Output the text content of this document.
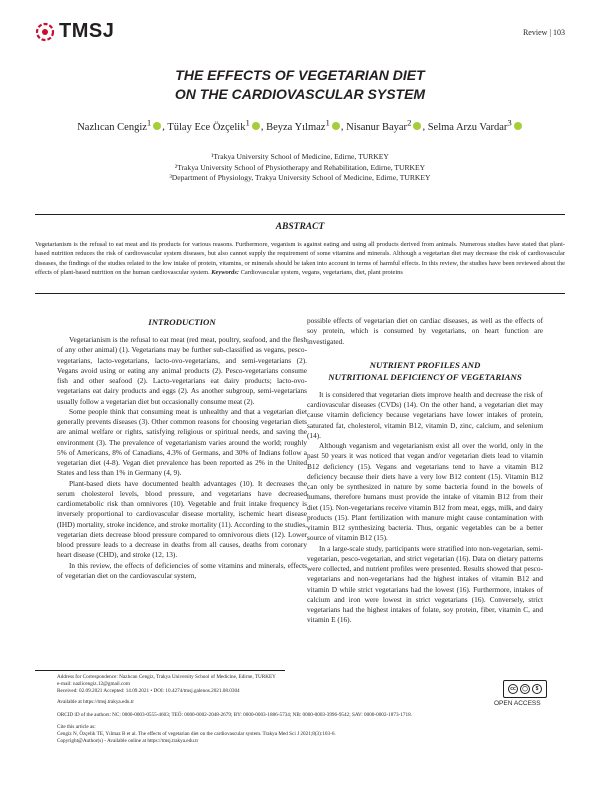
TMSJ	Review | 103
THE EFFECTS OF VEGETARIAN DIET
ON THE CARDIOVASCULAR SYSTEM
Nazlıcan Cengiz$^1$ , Tülay Ece Özçelik$^1$ , Beyza Yılmaz$^1$ , Nisanur Bayar$^2$ , Selma Arzu Vardar$^3$
¹Trakya University School of Medicine, Edirne, TURKEY
²Trakya University School of Physiotherapy and Rehabilitation, Edirne, TURKEY
³Department of Physiology, Trakya University School of Medicine, Edirne, TURKEY
ABSTRACT
Vegetarianism is the refusal to eat meat and its products for various reasons. Furthermore, veganism is against eating and using all products derived from animals. Numerous studies have stated that plant-based nutrition reduces the risk of cardiovascular system diseases, but also cannot supply the requirement of some vitamins and minerals. Although a vegetarian diet may decrease the risk of cardiovascular diseases, the findings of the studies related to the low intake of protein, vitamins, or minerals should be taken into account in terms of harmful effects. In this review, the studies have been reviewed about the effects of plant-based nutrition on the human cardiovascular system. Keywords: Cardiovascular system, vegans, vegetarians, diet, plant proteins
INTRODUCTION

Vegetarianism is the refusal to eat meat (red meat, poultry, seafood, and the flesh of any other animal) (1). Vegetarians may be further sub-classified as vegans, pesco-vegetarians, lacto-vegetarians, lacto-ovo-vegetarians, and semi-vegetarians (2). Vegans avoid using or eating any animal products (2). Pesco-vegetarians consume fish and other seafood (2). Lacto-vegetarians eat dairy products; lacto-ovo-vegetarians eat dairy products and eggs (2). As another subgroup, semi-vegetarians usually follow a vegetarian diet but occasionally consume meat (2).

Some people think that consuming meat is unhealthy and that a vegetarian diet generally prevents diseases (3). Other common reasons for choosing vegetarian diets are animal welfare or rights, satisfying religious or spiritual needs, and saving the environment (3). The prevalence of vegetarianism varies around the world; roughly 5% of Americans, 8% of Canadians, 4.3% of Germans, and 30% of Indians follow a vegetarian diet (4-8). Vegan diet prevalence has been reported as 2% in the United States and less than 1% in Germany (4, 9).

Plant-based diets have documented health advantages (10). It decreases the serum cholesterol levels, blood pressure, and vegetarians have decreased cardiometabolic risk than omnivores (10). Vegetable and fruit intake frequency is inversely proportional to cardiovascular disease mortality, ischemic heart disease (IHD) mortality, stroke incidence, and stroke mortality (11). According to the studies, vegetarian diets decrease blood pressure compared to omnivorous diets (12). Lower blood pressure leads to a decrease in deaths from all causes, deaths from coronary heart disease (CHD), and stroke (12, 13).

In this review, the effects of deficiencies of some vitamins and minerals, effects of vegetarian diet on the cardiovascular system,

possible effects of vegetarian diet on cardiac diseases, as well as the effects of soy protein, which is consumed by vegetarians, on heart function are investigated.

NUTRIENT PROFILES AND
NUTRITIONAL DEFICIENCY OF VEGETARIANS

It is considered that vegetarian diets improve health and decrease the risk of cardiovascular diseases (CVDs) (14). On the other hand, a vegetarian diet may cause vitamin deficiency because vegetarians have lower intakes of protein, saturated fat, cholesterol, vitamin B12, vitamin D, zinc, calcium, and selenium (14).

Although veganism and vegetarianism exist all over the world, only in the past 50 years it was noticed that vegan and/or vegetarian diets lead to vitamin B12 deficiency (15). Vegans and vegetarians tend to have a vitamin B12 deficiency because their diets have a very low B12 content (15). Vitamin B12 can only be synthesized in nature by some bacteria found in the bowels of humans, therefore humans must provide the intake of vitamin B12 from their diet (15). Non-vegetarians receive vitamin B12 from meat, eggs, milk, and dairy products (15). Plant fertilization with manure might cause contamination with vitamin B12 synthesizing bacteria. Thus, organic vegetables can be a better source of vitamin B12 (15).

In a large-scale study, participants were stratified into non-vegetarian, semi-vegetarian, pesco-vegetarian, and strict vegetarian (16). Data on dietary patterns were collected, and nutrient profiles were presented. Results showed that pesco-vegetarians and non-vegetarians had the highest intakes of vitamin B12 and vitamin D while strict vegetarians had the lowest (16). Furthermore, intakes of calcium and iron were lowest in strict vegetarians (16). Conversely, strict vegetarians had the highest intakes of folate, soy protein, fiber, vitamin C, and vitamin E (16).

Address for Correspondence: Nazlıcan Cengiz, Trakya University School of Medicine, Edirne, TURKEY
e-mail: nazlicengiz.12@gmail.com
Received: 02.09.2021 Accepted: 14.09.2021 • DOI: 10.4274/tmsj.galenos.2021.08.0304
Available at https://tmsj.trakya.edu.tr
ORCID iD of the authors: NC: 0000-0003-0555-4603; TEÖ: 0000-0002-2048-2679; BY: 0000-0003-1886-5734; NB: 0000-0003-3996-9542; SAV: 0000-0002-1873-1718.
Cite this article as:
Cengiz N, Özçelik TE, Yılmaz B et al. The effects of vegetarian diet on the cardiovascular system. Trakya Med Sci J 2021;8(3):103-6.
Copyright@Author(s) - Available online at https://tmsj.trakya.edu.tr
cc	◯	$
OPEN ACCESS
